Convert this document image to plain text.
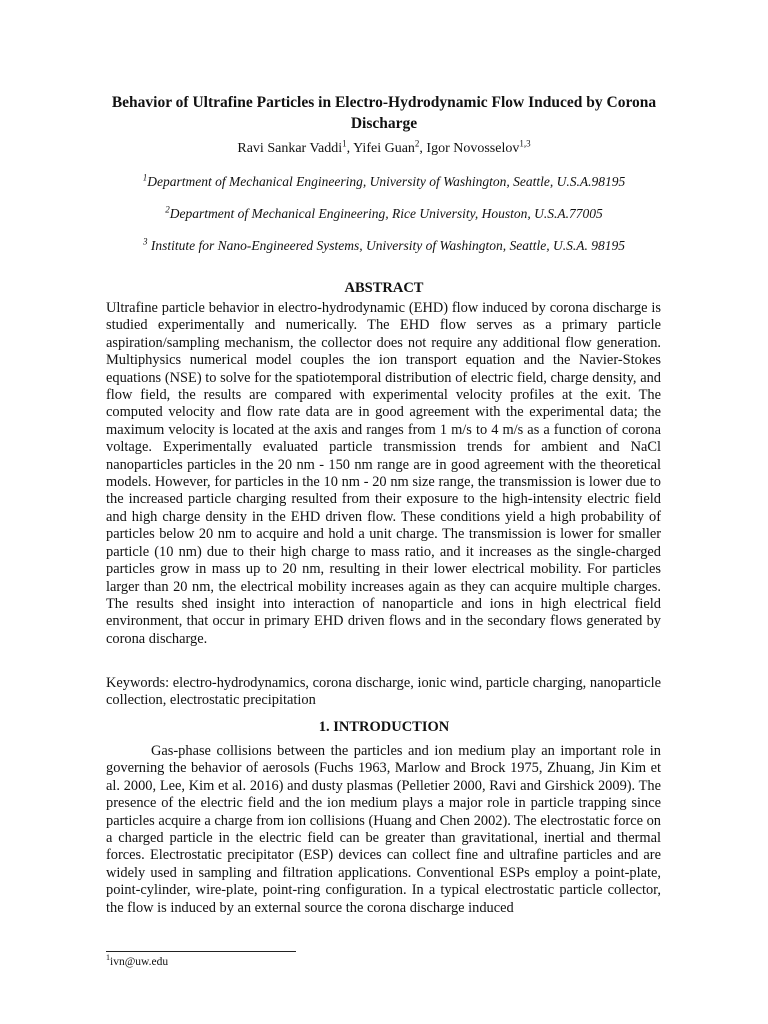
Behavior of Ultrafine Particles in Electro-Hydrodynamic Flow Induced by Corona Discharge
Ravi Sankar Vaddi$^1$, Yifei Guan$^2$, Igor Novosselov$^{1,3}$
$^1$Department of Mechanical Engineering, University of Washington, Seattle, U.S.A.98195
$^2$Department of Mechanical Engineering, Rice University, Houston, U.S.A.77005
$^3$ Institute for Nano-Engineered Systems, University of Washington, Seattle, U.S.A. 98195
ABSTRACT
Ultrafine particle behavior in electro-hydrodynamic (EHD) flow induced by corona discharge is studied experimentally and numerically. The EHD flow serves as a primary particle aspiration/sampling mechanism, the collector does not require any additional flow generation. Multiphysics numerical model couples the ion transport equation and the Navier-Stokes equations (NSE) to solve for the spatiotemporal distribution of electric field, charge density, and flow field, the results are compared with experimental velocity profiles at the exit. The computed velocity and flow rate data are in good agreement with the experimental data; the maximum velocity is located at the axis and ranges from 1 m/s to 4 m/s as a function of corona voltage. Experimentally evaluated particle transmission trends for ambient and NaCl nanoparticles particles in the 20 nm - 150 nm range are in good agreement with the theoretical models. However, for particles in the 10 nm - 20 nm size range, the transmission is lower due to the increased particle charging resulted from their exposure to the high-intensity electric field and high charge density in the EHD driven flow. These conditions yield a high probability of particles below 20 nm to acquire and hold a unit charge. The transmission is lower for smaller particle (10 nm) due to their high charge to mass ratio, and it increases as the single-charged particles grow in mass up to 20 nm, resulting in their lower electrical mobility. For particles larger than 20 nm, the electrical mobility increases again as they can acquire multiple charges. The results shed insight into interaction of nanoparticle and ions in high electrical field environment, that occur in primary EHD driven flows and in the secondary flows generated by corona discharge.
Keywords: electro-hydrodynamics, corona discharge, ionic wind, particle charging, nanoparticle collection, electrostatic precipitation
1. INTRODUCTION
Gas-phase collisions between the particles and ion medium play an important role in governing the behavior of aerosols (Fuchs 1963, Marlow and Brock 1975, Zhuang, Jin Kim et al. 2000, Lee, Kim et al. 2016) and dusty plasmas (Pelletier 2000, Ravi and Girshick 2009). The presence of the electric field and the ion medium plays a major role in particle trapping since particles acquire a charge from ion collisions (Huang and Chen 2002). The electrostatic force on a charged particle in the electric field can be greater than gravitational, inertial and thermal forces. Electrostatic precipitator (ESP) devices can collect fine and ultrafine particles and are widely used in sampling and filtration applications. Conventional ESPs employ a point-plate, point-cylinder, wire-plate, point-ring configuration. In a typical electrostatic particle collector, the flow is induced by an external source the corona discharge induced
$^1$ivn@uw.edu
